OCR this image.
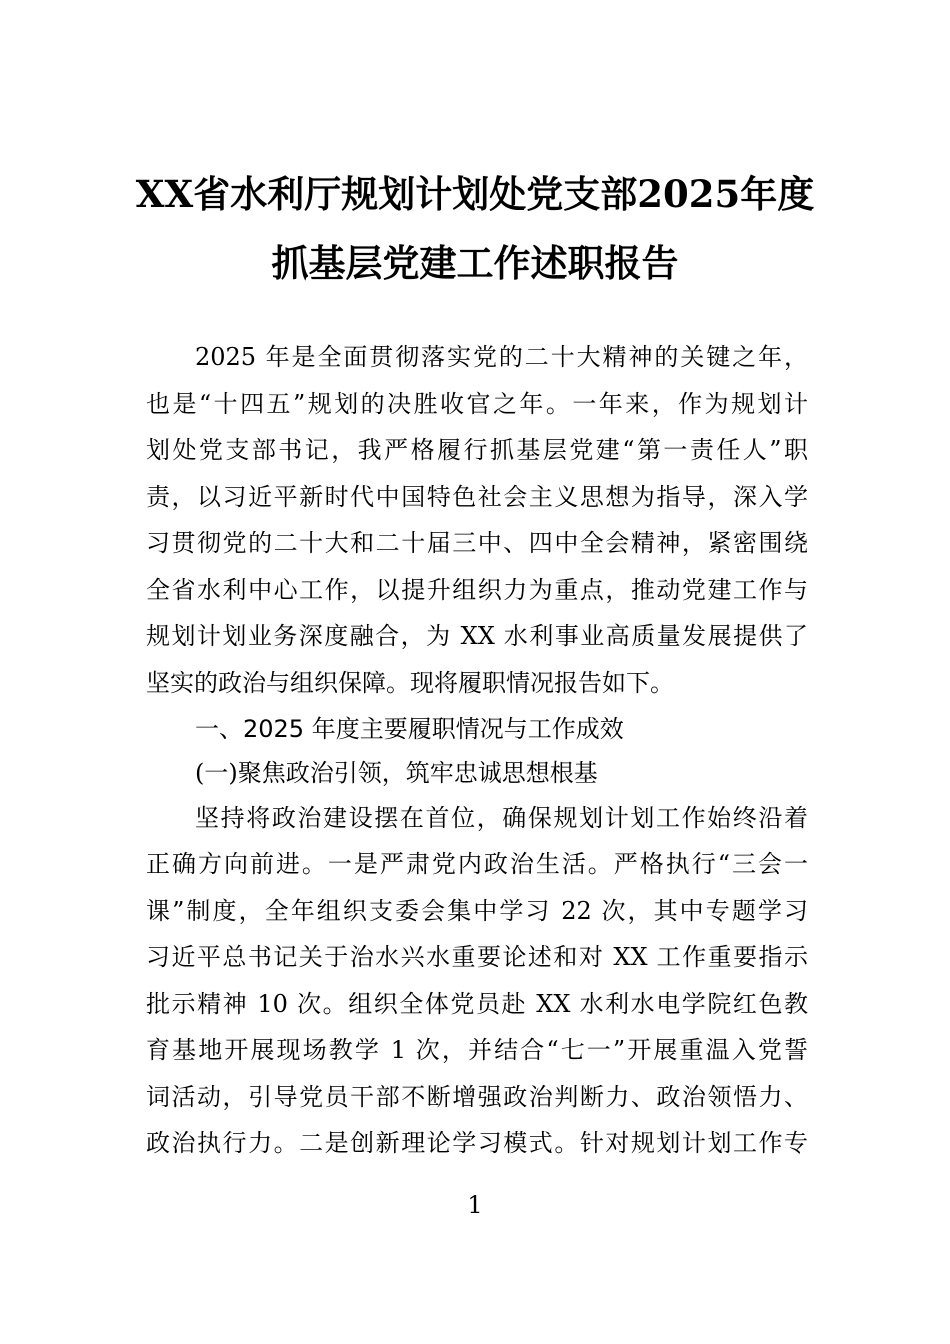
XX省水利厅规划计划处党支部2025年度
抓基层党建工作述职报告
2025 年是全面贯彻落实党的二十大精神的关键之年，
也是“十四五”规划的决胜收官之年。一年来，作为规划计
划处党支部书记，我严格履行抓基层党建“第一责任人”职
责，以习近平新时代中国特色社会主义思想为指导，深入学
习贯彻党的二十大和二十届三中、四中全会精神，紧密围绕
全省水利中心工作，以提升组织力为重点，推动党建工作与
规划计划业务深度融合，为 XX 水利事业高质量发展提供了
坚实的政治与组织保障。现将履职情况报告如下。
一、2025 年度主要履职情况与工作成效
(一)聚焦政治引领，筑牢忠诚思想根基
坚持将政治建设摆在首位，确保规划计划工作始终沿着
正确方向前进。一是严肃党内政治生活。严格执行“三会一
课”制度，全年组织支委会集中学习 22 次，其中专题学习
习近平总书记关于治水兴水重要论述和对 XX 工作重要指示
批示精神 10 次。组织全体党员赴 XX 水利水电学院红色教
育基地开展现场教学 1 次，并结合“七一”开展重温入党誓
词活动，引导党员干部不断增强政治判断力、政治领悟力、
政治执行力。二是创新理论学习模式。针对规划计划工作专
1
